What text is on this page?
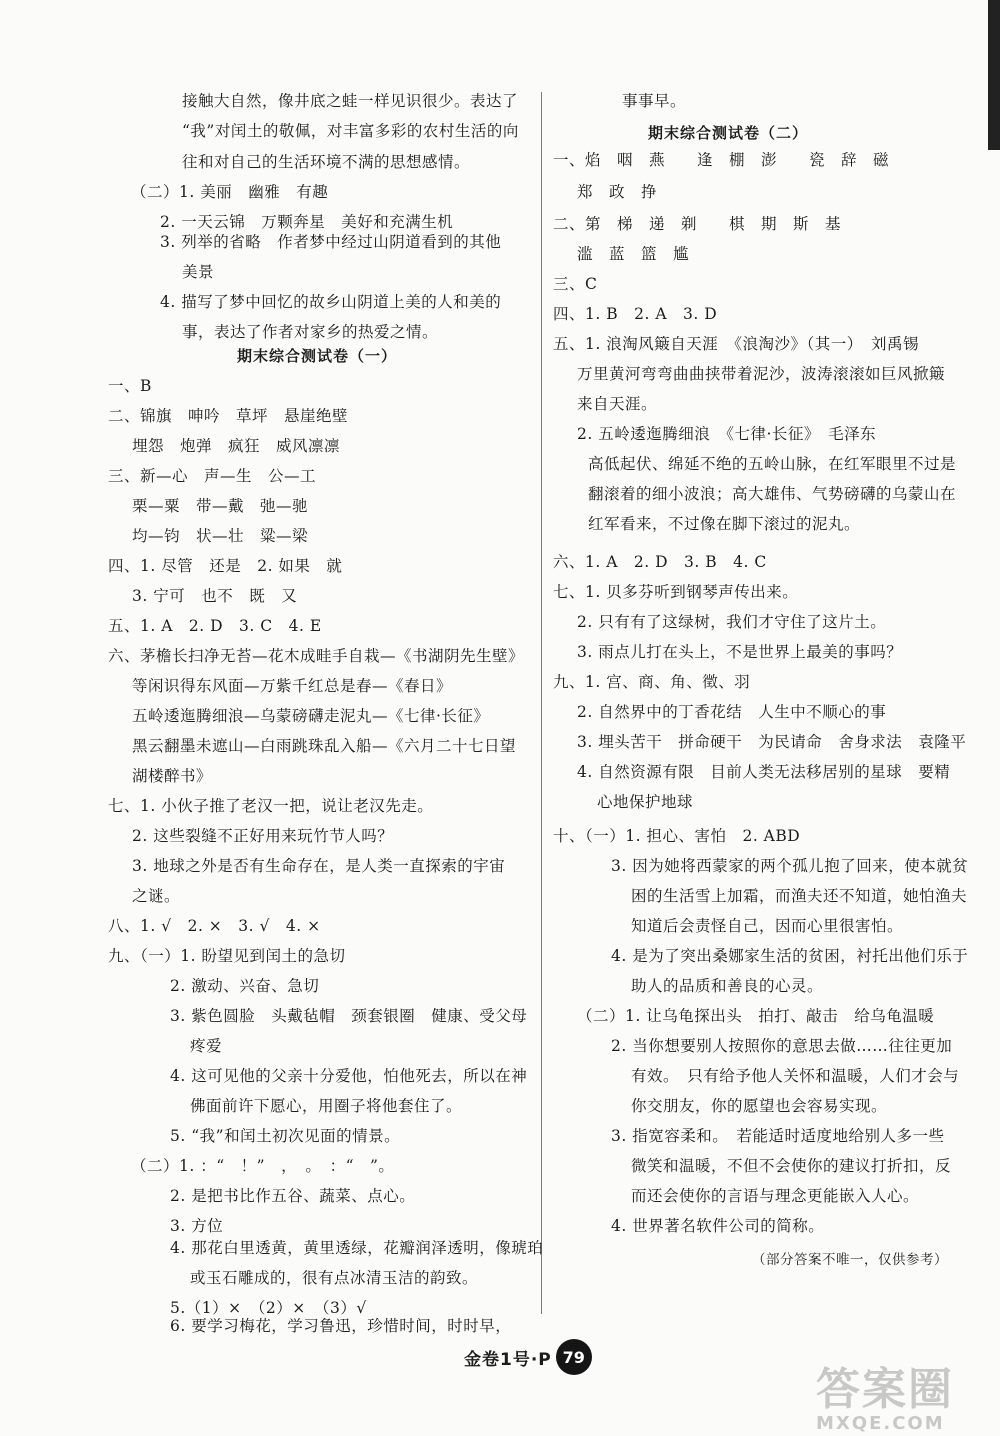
接触大自然，像井底之蛙一样见识很少。表达了
“我”对闰土的敬佩，对丰富多彩的农村生活的向
往和对自己的生活环境不满的思想感情。
（二）1. 美丽　幽雅　有趣
2. 一天云锦　万颗奔星　美好和充满生机
3. 列举的省略　作者梦中经过山阴道看到的其他
美景
4. 描写了梦中回忆的故乡山阴道上美的人和美的
事，表达了作者对家乡的热爱之情。
期末综合测试卷（一）
一、B
二、锦旗　呻吟　草坪　悬崖绝壁
埋怨　炮弹　疯狂　威风凛凛
三、新—心　声—生　公—工
栗—粟　带—戴　弛—驰
均—钧　状—壮　粱—梁
四、1. 尽管　还是　2. 如果　就
3. 宁可　也不　既　又
五、1. A　2. D　3. C　4. E
六、茅檐长扫净无苔—花木成畦手自栽—《书湖阴先生壁》
等闲识得东风面—万紫千红总是春—《春日》
五岭逶迤腾细浪—乌蒙磅礴走泥丸—《七律·长征》
黑云翻墨未遮山—白雨跳珠乱入船—《六月二十七日望
湖楼醉书》
七、1. 小伙子推了老汉一把，说让老汉先走。
2. 这些裂缝不正好用来玩竹节人吗？
3. 地球之外是否有生命存在，是人类一直探索的宇宙
之谜。
八、1. √　2. ×　3. √　4. ×
九、（一）1. 盼望见到闰土的急切
2. 激动、兴奋、急切
3. 紫色圆脸　头戴毡帽　颈套银圈　健康、受父母
疼爱
4. 这可见他的父亲十分爱他，怕他死去，所以在神
佛面前许下愿心，用圈子将他套住了。
5. “我”和闰土初次见面的情景。
（二）1. ：“　！”　，　。　：“　”。
2. 是把书比作五谷、蔬菜、点心。
3. 方位
4. 那花白里透黄，黄里透绿，花瓣润泽透明，像琥珀
或玉石雕成的，很有点冰清玉洁的韵致。
5.（1）×　（2）×　（3）√
6. 要学习梅花，学习鲁迅，珍惜时间，时时早，
事事早。
期末综合测试卷（二）
一、焰　咽　燕　　逢　棚　澎　　瓷　辞　磁
郑　政　挣
二、第　梯　递　剃　　棋　期　斯　基
滥　蓝　篮　尴
三、C
四、1. B　2. A　3. D
五、1. 浪淘风簸自天涯　《浪淘沙》（其一）　刘禹锡
万里黄河弯弯曲曲挟带着泥沙，波涛滚滚如巨风掀簸
来自天涯。
2. 五岭逶迤腾细浪　《七律·长征》　毛泽东
高低起伏、绵延不绝的五岭山脉，在红军眼里不过是
翻滚着的细小波浪；高大雄伟、气势磅礴的乌蒙山在
红军看来，不过像在脚下滚过的泥丸。
六、1. A　2. D　3. B　4. C
七、1. 贝多芬听到钢琴声传出来。
2. 只有有了这绿树，我们才守住了这片土。
3. 雨点儿打在头上，不是世界上最美的事吗？
九、1. 宫、商、角、徵、羽
2. 自然界中的丁香花结　人生中不顺心的事
3. 埋头苦干　拼命硬干　为民请命　舍身求法　袁隆平
4. 自然资源有限　目前人类无法移居别的星球　要精
心地保护地球
十、（一）1. 担心、害怕　2. ABD
3. 因为她将西蒙家的两个孤儿抱了回来，使本就贫
困的生活雪上加霜，而渔夫还不知道，她怕渔夫
知道后会责怪自己，因而心里很害怕。
4. 是为了突出桑娜家生活的贫困，衬托出他们乐于
助人的品质和善良的心灵。
（二）1. 让乌龟探出头　拍打、敲击　给乌龟温暖
2. 当你想要别人按照你的意思去做……往往更加
有效。　只有给予他人关怀和温暖，人们才会与
你交朋友，你的愿望也会容易实现。
3. 指宽容柔和。　若能适时适度地给别人多一些
微笑和温暖，不但不会使你的建议打折扣，反
而还会使你的言语与理念更能嵌入人心。
4. 世界著名软件公司的简称。
（部分答案不唯一，仅供参考）
金卷1号·P 79
答案圈
MXQE.COM
